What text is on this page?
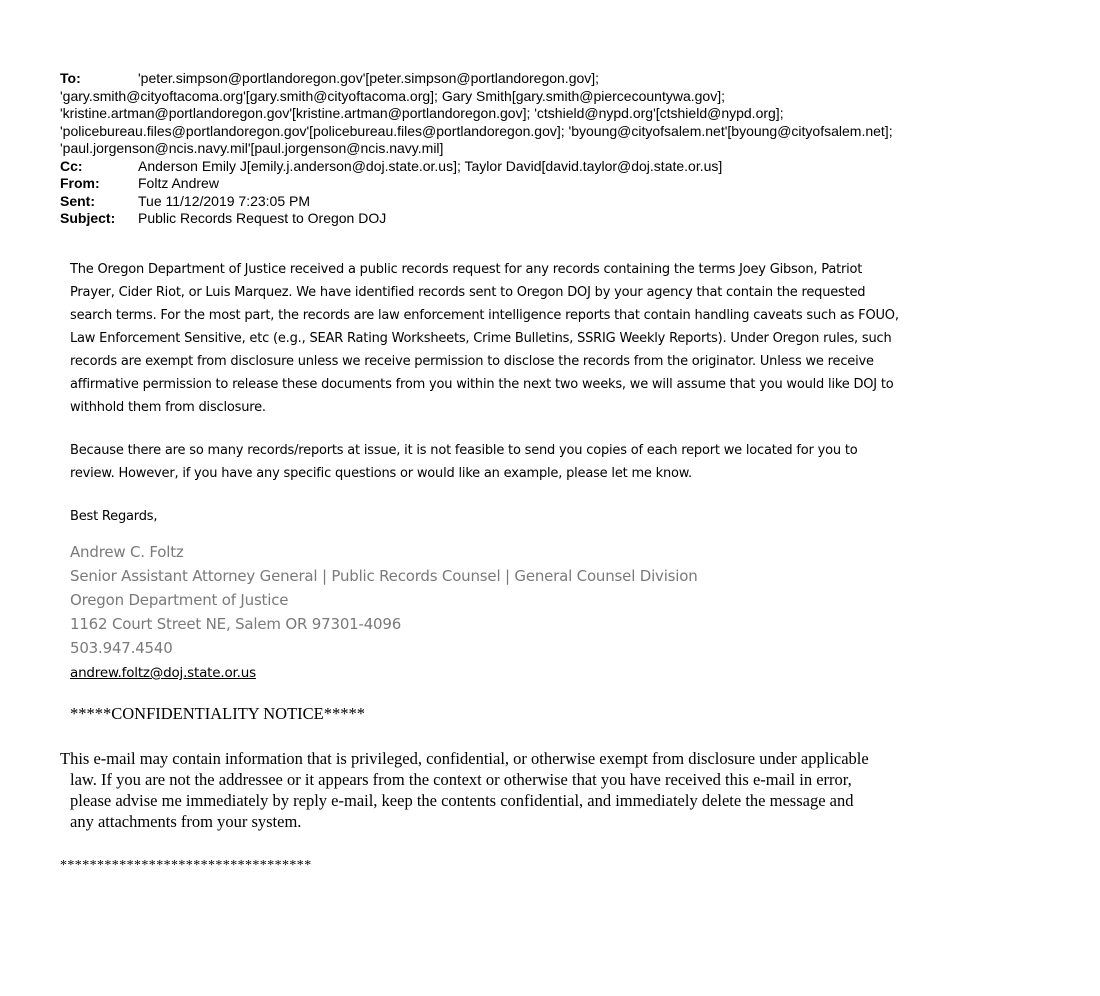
To:	'peter.simpson@portlandoregon.gov'[peter.simpson@portlandoregon.gov];
'gary.smith@cityoftacoma.org'[gary.smith@cityoftacoma.org]; Gary Smith[gary.smith@piercecountywa.gov];
'kristine.artman@portlandoregon.gov'[kristine.artman@portlandoregon.gov]; 'ctshield@nypd.org'[ctshield@nypd.org];
'policebureau.files@portlandoregon.gov'[policebureau.files@portlandoregon.gov]; 'byoung@cityofsalem.net'[byoung@cityofsalem.net];
'paul.jorgenson@ncis.navy.mil'[paul.jorgenson@ncis.navy.mil]
Cc:	Anderson Emily J[emily.j.anderson@doj.state.or.us]; Taylor David[david.taylor@doj.state.or.us]
From:	Foltz Andrew
Sent:	Tue 11/12/2019 7:23:05 PM
Subject:	Public Records Request to Oregon DOJ

The Oregon Department of Justice received a public records request for any records containing the terms Joey Gibson, Patriot
Prayer, Cider Riot, or Luis Marquez. We have identified records sent to Oregon DOJ by your agency that contain the requested
search terms. For the most part, the records are law enforcement intelligence reports that contain handling caveats such as FOUO,
Law Enforcement Sensitive, etc (e.g., SEAR Rating Worksheets, Crime Bulletins, SSRIG Weekly Reports). Under Oregon rules, such
records are exempt from disclosure unless we receive permission to disclose the records from the originator. Unless we receive
affirmative permission to release these documents from you within the next two weeks, we will assume that you would like DOJ to
withhold them from disclosure.

Because there are so many records/reports at issue, it is not feasible to send you copies of each report we located for you to
review. However, if you have any specific questions or would like an example, please let me know.

Best Regards,

Andrew C. Foltz
Senior Assistant Attorney General | Public Records Counsel | General Counsel Division
Oregon Department of Justice
1162 Court Street NE, Salem OR 97301-4096
503.947.4540
andrew.foltz@doj.state.or.us
*****CONFIDENTIALITY NOTICE*****
This e-mail may contain information that is privileged, confidential, or otherwise exempt from disclosure under applicable
law. If you are not the addressee or it appears from the context or otherwise that you have received this e-mail in error,
please advise me immediately by reply e-mail, keep the contents confidential, and immediately delete the message and
any attachments from your system.
**********************************
